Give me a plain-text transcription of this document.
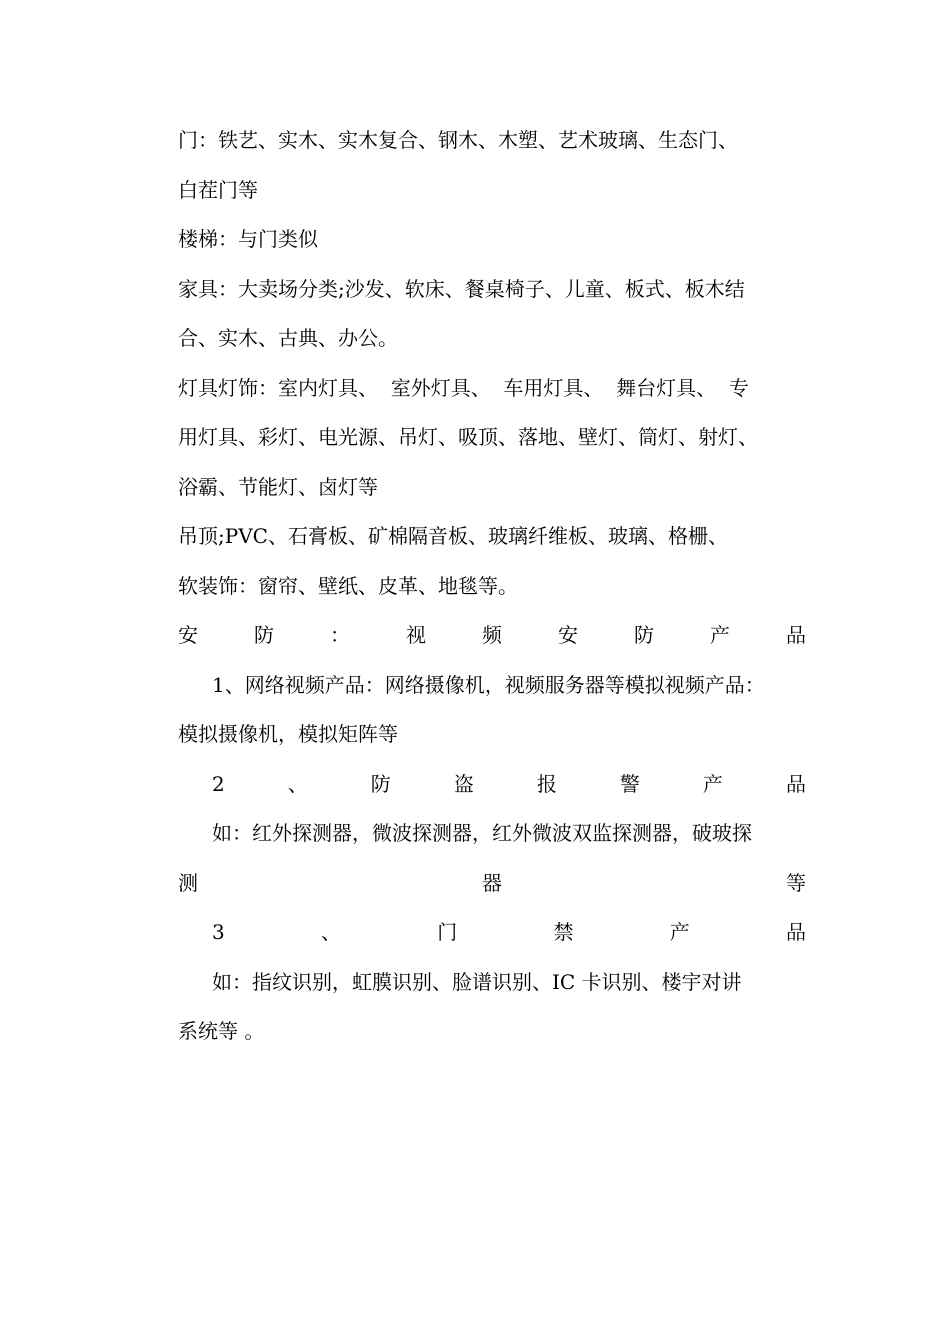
门：铁艺、实木、实木复合、钢木、木塑、艺术玻璃、生态门、
白茬门等
楼梯：与门类似
家具：大卖场分类;沙发、软床、餐桌椅子、儿童、板式、板木结
合、实木、古典、办公。
灯具灯饰：室内灯具、  室外灯具、  车用灯具、  舞台灯具、  专
用灯具、彩灯、电光源、吊灯、吸顶、落地、壁灯、筒灯、射灯、
浴霸、节能灯、卤灯等
吊顶;PVC、石膏板、矿棉隔音板、玻璃纤维板、玻璃、格栅、
软装饰：窗帘、壁纸、皮革、地毯等。
安	防	：	视	频	安	防	产	品
1、网络视频产品：网络摄像机，视频服务器等模拟视频产品：
模拟摄像机，模拟矩阵等
2	、	防	盗	报	警	产	品
如：红外探测器，微波探测器，红外微波双监探测器，破玻探
测	器	等
3	、	门	禁	产	品
如：指纹识别，虹膜识别、脸谱识别、IC 卡识别、楼宇对讲
系统等 。
